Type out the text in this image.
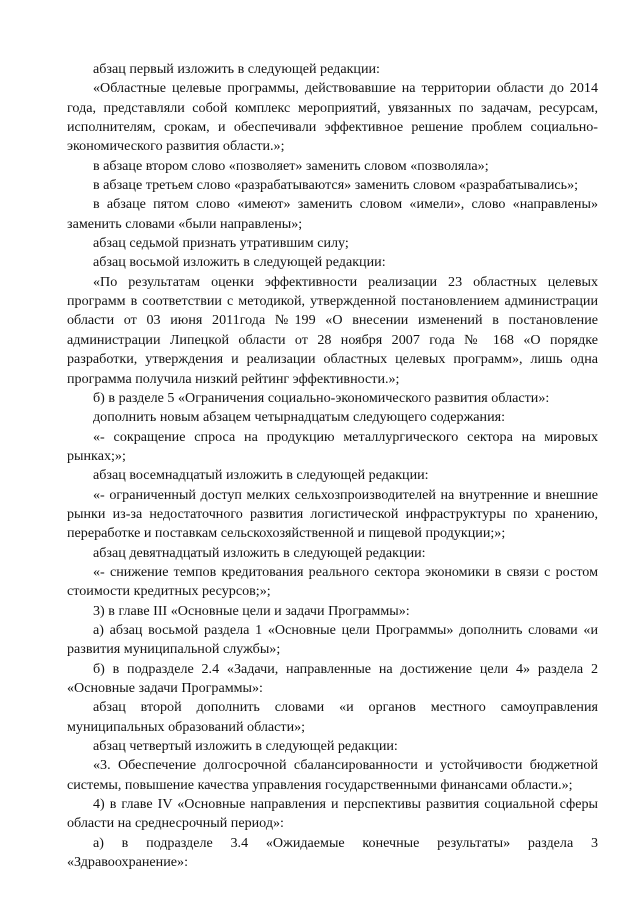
абзац первый изложить в следующей редакции:

«Областные целевые программы, действовавшие на территории области до 2014 года, представляли собой комплекс мероприятий, увязанных по задачам, ресурсам, исполнителям, срокам, и обеспечивали эффективное решение проблем социально-экономического развития области.»;

в абзаце втором слово «позволяет» заменить словом «позволяла»;

в абзаце третьем слово «разрабатываются» заменить словом «разрабатывались»;

в абзаце пятом слово «имеют» заменить словом «имели», слово «направлены» заменить словами «были направлены»;

абзац седьмой признать утратившим силу;

абзац восьмой изложить в следующей редакции:

«По результатам оценки эффективности реализации 23 областных целевых программ в соответствии с методикой, утвержденной постановлением администрации области от 03 июня 2011года №199 «О внесении изменений в постановление администрации Липецкой области от 28 ноября 2007 года № 168 «О порядке разработки, утверждения и реализации областных целевых программ», лишь одна программа получила низкий рейтинг эффективности.»;

б) в разделе 5 «Ограничения социально-экономического развития области»:

дополнить новым абзацем четырнадцатым следующего содержания:

«- сокращение спроса на продукцию металлургического сектора на мировых рынках;»;

абзац восемнадцатый изложить в следующей редакции:

«- ограниченный доступ мелких сельхозпроизводителей на внутренние и внешние рынки из-за недостаточного развития логистической инфраструктуры по хранению, переработке и поставкам сельскохозяйственной и пищевой продукции;»;

абзац девятнадцатый изложить в следующей редакции:

«- снижение темпов кредитования реального сектора экономики в связи с ростом стоимости кредитных ресурсов;»;

3) в главе III «Основные цели и задачи Программы»:

а) абзац восьмой раздела 1 «Основные цели Программы» дополнить словами «и развития муниципальной службы»;

б) в подразделе 2.4 «Задачи, направленные на достижение цели 4» раздела 2 «Основные задачи Программы»:

абзац второй дополнить словами «и органов местного самоуправления муниципальных образований области»;

абзац четвертый изложить в следующей редакции:

«3. Обеспечение долгосрочной сбалансированности и устойчивости бюджетной системы, повышение качества управления государственными финансами области.»;

4) в главе IV «Основные направления и перспективы развития социальной сферы области на среднесрочный период»:

а) в подразделе 3.4 «Ожидаемые конечные результаты» раздела 3 «Здравоохранение»:
